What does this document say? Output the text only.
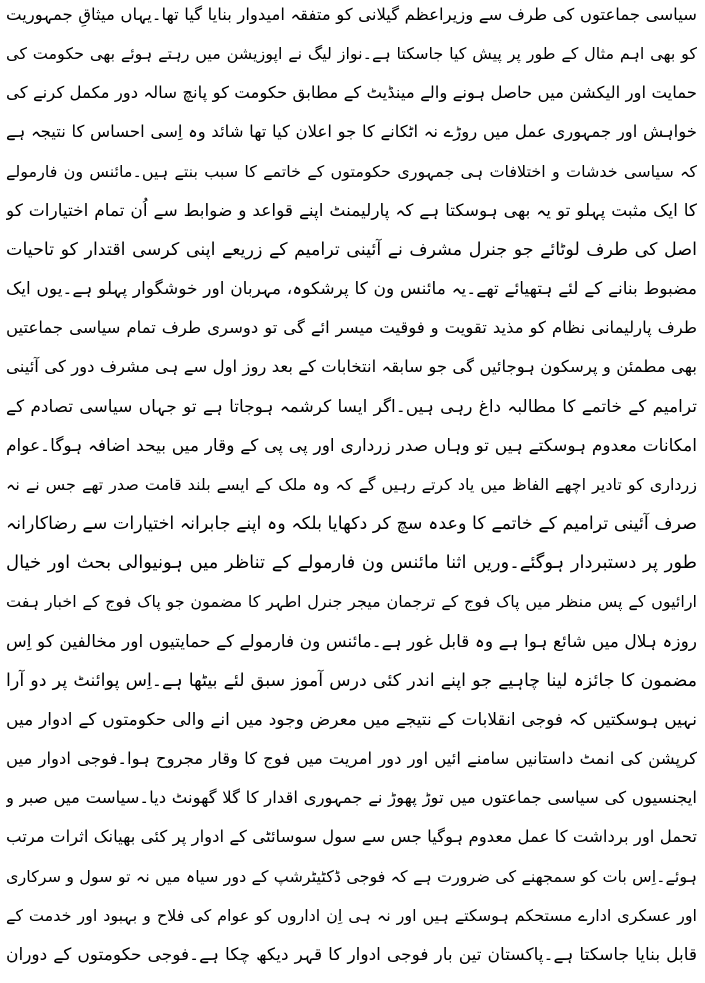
سیاسی جماعتوں کی طرف سے وزیراعظم گیلانی کو متفقہ امیدوار بنایا گیا تھا۔یہاں میثاقِ جمہوریت
کو بھی اہم مثال کے طور پر پیش کیا جاسکتا ہے۔نواز لیگ نے اپوزیشن میں رہتے ہوئے بھی حکومت کی
حمایت اور الیکشن میں حاصل ہونے والے مینڈیٹ کے مطابق حکومت کو پانچ سالہ دور مکمل کرنے کی
خواہش اور جمہوری عمل میں روڑے نہ اٹکانے کا جو اعلان کیا تھا شائد وہ اِسی احساس کا نتیجہ ہے
کہ سیاسی خدشات و اختلافات ہی جمہوری حکومتوں کے خاتمے کا سبب بنتے ہیں۔مائنس ون فارمولے
کا ایک مثبت پہلو تو یہ بھی ہوسکتا ہے کہ پارلیمنٹ اپنے قواعد و ضوابط سے اُن تمام اختیارات کو
اصل کی طرف لوٹائے جو جنرل مشرف نے آئینی ترامیم کے زریعے اپنی کرسی اقتدار کو تاحیات
مضبوط بنانے کے لئے ہتھیائے تھے۔یہ مائنس ون کا پرشکوہ، مہربان اور خوشگوار پہلو ہے۔یوں ایک
طرف پارلیمانی نظام کو مذید تقویت و فوقیت میسر ائے گی تو دوسری طرف تمام سیاسی جماعتیں
بھی مطمئن و پرسکون ہوجائیں گی جو سابقہ انتخابات کے بعد روز اول سے ہی مشرف دور کی آئینی
ترامیم کے خاتمے کا مطالبہ داغ رہی ہیں۔اگر ایسا کرشمہ ہوجاتا ہے تو جہاں سیاسی تصادم کے
امکانات معدوم ہوسکتے ہیں تو وہاں صدر زرداری اور پی پی کے وقار میں بیحد اضافہ ہوگا۔عوام
زرداری کو تادیر اچھے الفاظ میں یاد کرتے رہیں گے کہ وہ ملک کے ایسے بلند قامت صدر تھے جس نے نہ
صرف آئینی ترامیم کے خاتمے کا وعدہ سچ کر دکھایا بلکہ وہ اپنے جابرانہ اختیارات سے رضاکارانہ
طور پر دستبردار ہوگئے۔وریں اثنا مائنس ون فارمولے کے تناظر میں ہونیوالی بحث اور خیال
ارائیوں کے پس منظر میں پاک فوج کے ترجمان میجر جنرل اطہر کا مضمون جو پاک فوج کے اخبار ہفت
روزہ ہلال میں شائع ہوا ہے وہ قابل غور ہے۔مائنس ون فارمولے کے حمایتیوں اور مخالفین کو اِس
مضمون کا جائزہ لینا چاہیے جو اپنے اندر کئی درس آموز سبق لئے بیٹھا ہے۔اِس پوائنٹ پر دو آرا
نہیں ہوسکتیں کہ فوجی انقلابات کے نتیجے میں معرض وجود میں انے والی حکومتوں کے ادوار میں
کرپشن کی انمٹ داستانیں سامنے ائیں اور دور امریت میں فوج کا وقار مجروح ہوا۔فوجی ادوار میں
ایجنسیوں کی سیاسی جماعتوں میں توڑ پھوڑ نے جمہوری اقدار کا گلا گھونٹ دیا۔سیاست میں صبر و
تحمل اور برداشت کا عمل معدوم ہوگیا جس سے سول سوسائٹی کے ادوار پر کئی بھیانک اثرات مرتب
ہوئے۔اِس بات کو سمجھنے کی ضرورت ہے کہ فوجی ڈکٹیٹرشپ کے دور سیاہ میں نہ تو سول و سرکاری
اور عسکری ادارے مستحکم ہوسکتے ہیں اور نہ ہی اِن اداروں کو عوام کی فلاح و بہبود اور خدمت کے
قابل بنایا جاسکتا ہے۔پاکستان تین بار فوجی ادوار کا قہر دیکھ چکا ہے۔فوجی حکومتوں کے دوران
